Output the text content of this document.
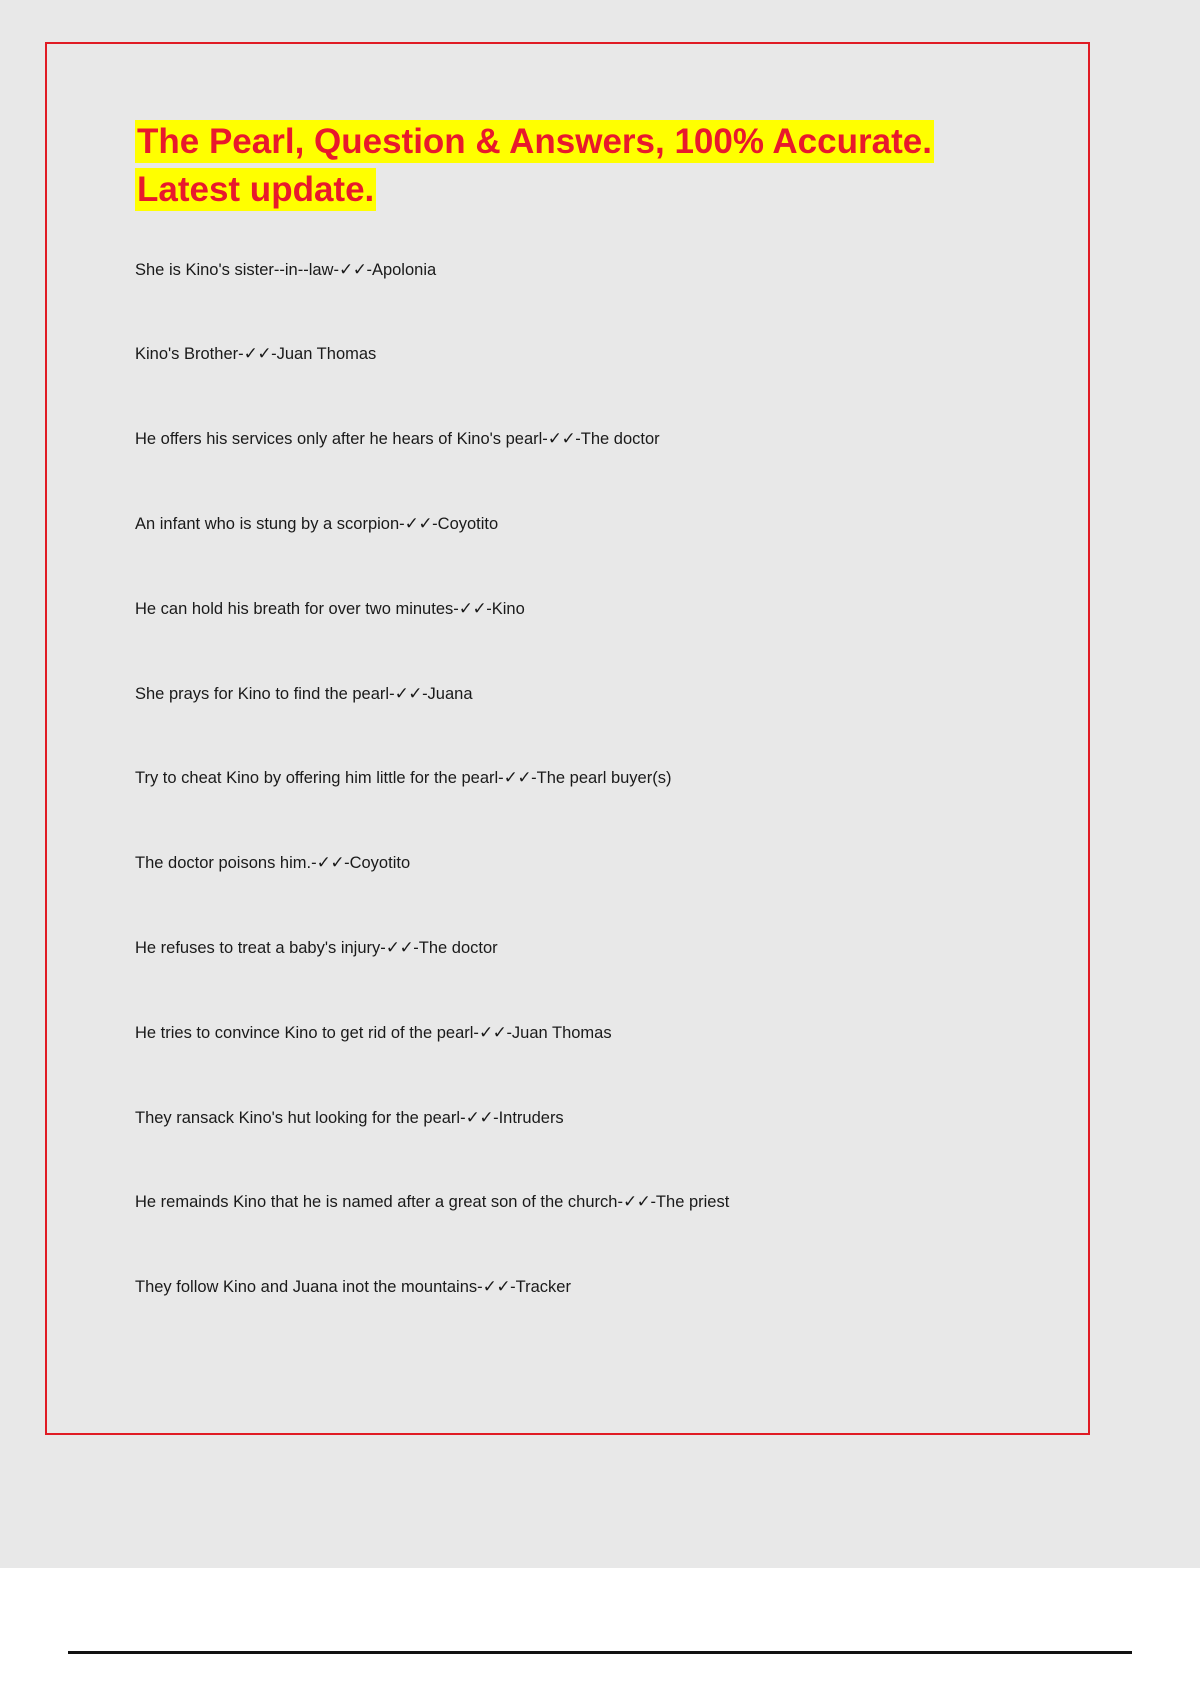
The Pearl, Question & Answers, 100% Accurate. Latest update.
She is Kino's sister--in--law-✓✓-Apolonia
Kino's Brother-✓✓-Juan Thomas
He offers his services only after he hears of Kino's pearl-✓✓-The doctor
An infant who is stung by a scorpion-✓✓-Coyotito
He can hold his breath for over two minutes-✓✓-Kino
She prays for Kino to find the pearl-✓✓-Juana
Try to cheat Kino by offering him little for the pearl-✓✓-The pearl buyer(s)
The doctor poisons him.-✓✓-Coyotito
He refuses to treat a baby's injury-✓✓-The doctor
He tries to convince Kino to get rid of the pearl-✓✓-Juan Thomas
They ransack Kino's hut looking for the pearl-✓✓-Intruders
He remainds Kino that he is named after a great son of the church-✓✓-The priest
They follow Kino and Juana inot the mountains-✓✓-Tracker
